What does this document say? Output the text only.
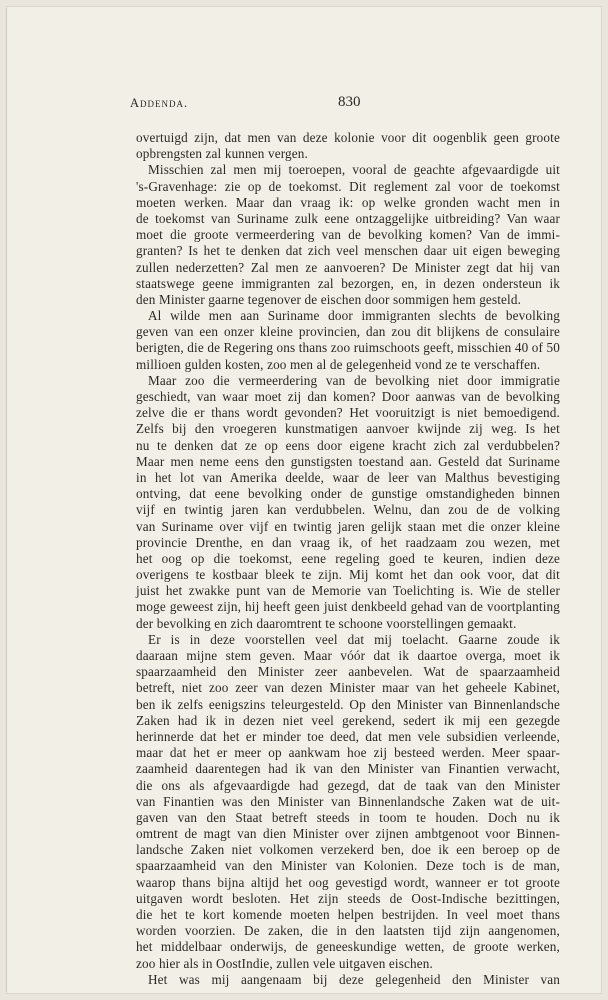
Addenda.	830
overtuigd zijn, dat men van deze kolonie voor dit oogenblik geen groote
opbrengsten zal kunnen vergen.
Misschien zal men mij toeroepen, vooral de geachte afgevaardigde uit
's-Gravenhage: zie op de toekomst. Dit reglement zal voor de toekomst
moeten werken. Maar dan vraag ik: op welke gronden wacht men in
de toekomst van Suriname zulk eene ontzaggelijke uitbreiding? Van waar
moet die groote vermeerdering van de bevolking komen? Van de immi-
granten? Is het te denken dat zich veel menschen daar uit eigen beweging
zullen nederzetten? Zal men ze aanvoeren? De Minister zegt dat hij van
staatswege geene immigranten zal bezorgen, en, in dezen ondersteun ik
den Minister gaarne tegenover de eischen door sommigen hem gesteld.
Al wilde men aan Suriname door immigranten slechts de bevolking
geven van een onzer kleine provincien, dan zou dit blijkens de consulaire
berigten, die de Regering ons thans zoo ruimschoots geeft, misschien 40 of 50
millioen gulden kosten, zoo men al de gelegenheid vond ze te verschaffen.
Maar zoo die vermeerdering van de bevolking niet door immigratie
geschiedt, van waar moet zij dan komen? Door aanwas van de bevolking
zelve die er thans wordt gevonden? Het vooruitzigt is niet bemoedigend.
Zelfs bij den vroegeren kunstmatigen aanvoer kwijnde zij weg. Is het
nu te denken dat ze op eens door eigene kracht zich zal verdubbelen?
Maar men neme eens den gunstigsten toestand aan. Gesteld dat Suriname
in het lot van Amerika deelde, waar de leer van Malthus bevestiging
ontving, dat eene bevolking onder de gunstige omstandigheden binnen
vijf en twintig jaren kan verdubbelen. Welnu, dan zou de de volking
van Suriname over vijf en twintig jaren gelijk staan met die onzer kleine
provincie Drenthe, en dan vraag ik, of het raadzaam zou wezen, met
het oog op die toekomst, eene regeling goed te keuren, indien deze
overigens te kostbaar bleek te zijn. Mij komt het dan ook voor, dat dit
juist het zwakke punt van de Memorie van Toelichting is. Wie de steller
moge geweest zijn, hij heeft geen juist denkbeeld gehad van de voortplanting
der bevolking en zich daaromtrent te schoone voorstellingen gemaakt.
Er is in deze voorstellen veel dat mij toelacht. Gaarne zoude ik
daaraan mijne stem geven. Maar vóór dat ik daartoe overga, moet ik
spaarzaamheid den Minister zeer aanbevelen. Wat de spaarzaamheid
betreft, niet zoo zeer van dezen Minister maar van het geheele Kabinet,
ben ik zelfs eenigszins teleurgesteld. Op den Minister van Binnenlandsche
Zaken had ik in dezen niet veel gerekend, sedert ik mij een gezegde
herinnerde dat het er minder toe deed, dat men vele subsidien verleende,
maar dat het er meer op aankwam hoe zij besteed werden. Meer spaar-
zaamheid daarentegen had ik van den Minister van Finantien verwacht,
die ons als afgevaardigde had gezegd, dat de taak van den Minister
van Finantien was den Minister van Binnenlandsche Zaken wat de uit-
gaven van den Staat betreft steeds in toom te houden. Doch nu ik
omtrent de magt van dien Minister over zijnen ambtgenoot voor Binnen-
landsche Zaken niet volkomen verzekerd ben, doe ik een beroep op de
spaarzaamheid van den Minister van Kolonien. Deze toch is de man,
waarop thans bijna altijd het oog gevestigd wordt, wanneer er tot groote
uitgaven wordt besloten. Het zijn steeds de Oost-Indische bezittingen,
die het te kort komende moeten helpen bestrijden. In veel moet thans
worden voorzien. De zaken, die in den laatsten tijd zijn aangenomen,
het middelbaar onderwijs, de geneeskundige wetten, de groote werken,
zoo hier als in OostIndie, zullen vele uitgaven eischen.
Het was mij aangenaam bij deze gelegenheid den Minister van
